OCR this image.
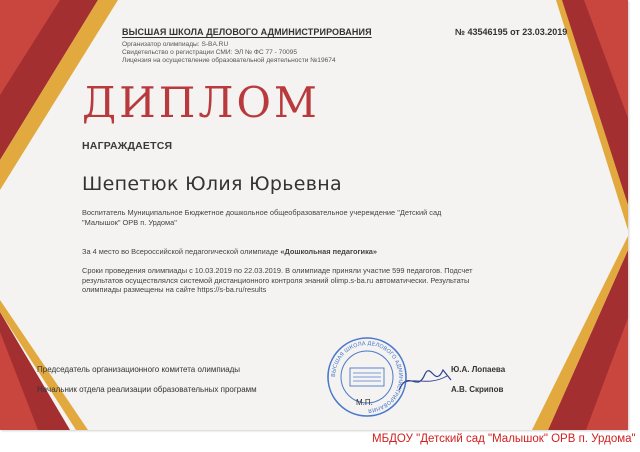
ВЫСШАЯ ШКОЛА ДЕЛОВОГО АДМИНИСТРИРОВАНИЯ
Организатор олимпиады: S-BA.RU
Свидетельство о регистрации СМИ: ЭЛ № ФС 77 - 70095
Лицензия на осуществление образовательной деятельности №19674
№ 43546195 от 23.03.2019
ДИПЛОМ
НАГРАЖДАЕТСЯ
Шепетюк Юлия Юрьевна
Воспитатель Муниципальное Бюджетное дошкольное общеобразовательное учереждение "Детский сад
"Малышок" ОРВ п. Урдома"
За 4 место во Всероссийской педагогической олимпиаде «Дошкольная педагогика»
Сроки проведения олимпиады с 10.03.2019 по 22.03.2019. В олимпиаде приняли участие 599 педагогов. Подсчет
результатов осуществлялся системой дистанционного контроля знаний olimp.s-ba.ru автоматически. Результаты
олимпиады размещены на сайте https://s-ba.ru/results
Председатель организационного комитета олимпиады	Ю.А. Лопаева
Начальник отдела реализации образовательных программ	А.В. Скрипов
ВЫСШАЯ ШКОЛА ДЕЛОВОГО АДМИНИСТРИРОВАНИЯ
М.П.
МБДОУ "Детский сад "Малышок" ОРВ п. Урдома"
